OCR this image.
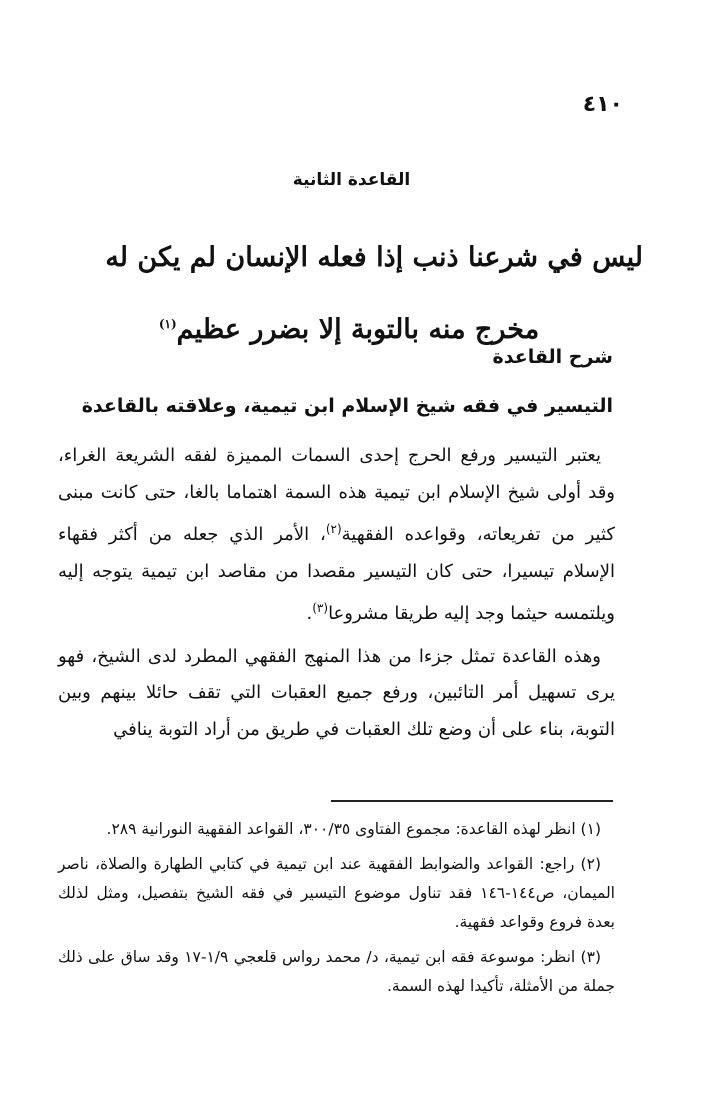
٤١٠
القاعدة الثانية
ليس في شرعنا ذنب إذا فعله الإنسان لم يكن له مخرج منه بالتوبة إلا بضرر عظيم$^{(١)}$
شرح القاعدة
التيسير في فقه شيخ الإسلام ابن تيمية، وعلاقته بالقاعدة

يعتبر التيسير ورفع الحرج إحدى السمات المميزة لفقه الشريعة الغراء، وقد أولى شيخ الإسلام ابن تيمية هذه السمة اهتماما بالغا، حتى كانت مبنى كثير من تفريعاته، وقواعده الفقهية$^{(٢)}$، الأمر الذي جعله من أكثر فقهاء الإسلام تيسيرا، حتى كان التيسير مقصدا من مقاصد ابن تيمية يتوجه إليه ويلتمسه حيثما وجد إليه طريقا مشروعا$^{(٣)}$.

وهذه القاعدة تمثل جزءا من هذا المنهج الفقهي المطرد لدى الشيخ، فهو يرى تسهيل أمر التائبين، ورفع جميع العقبات التي تقف حائلا بينهم وبين التوبة، بناء على أن وضع تلك العقبات في طريق من أراد التوبة ينافي

(١) انظر لهذه القاعدة: مجموع الفتاوى ٣٠٠/٣٥، القواعد الفقهية النورانية ٢٨٩.

(٢) راجع: القواعد والضوابط الفقهية عند ابن تيمية في كتابي الطهارة والصلاة، ناصر الميمان، ص١٤٤-١٤٦ فقد تناول موضوع التيسير في فقه الشيخ بتفصيل، ومثل لذلك بعدة فروع وقواعد فقهية.

(٣) انظر: موسوعة فقه ابن تيمية، د/ محمد رواس قلعجي ١/٩-١٧ وقد ساق على ذلك جملة من الأمثلة، تأكيدا لهذه السمة.
